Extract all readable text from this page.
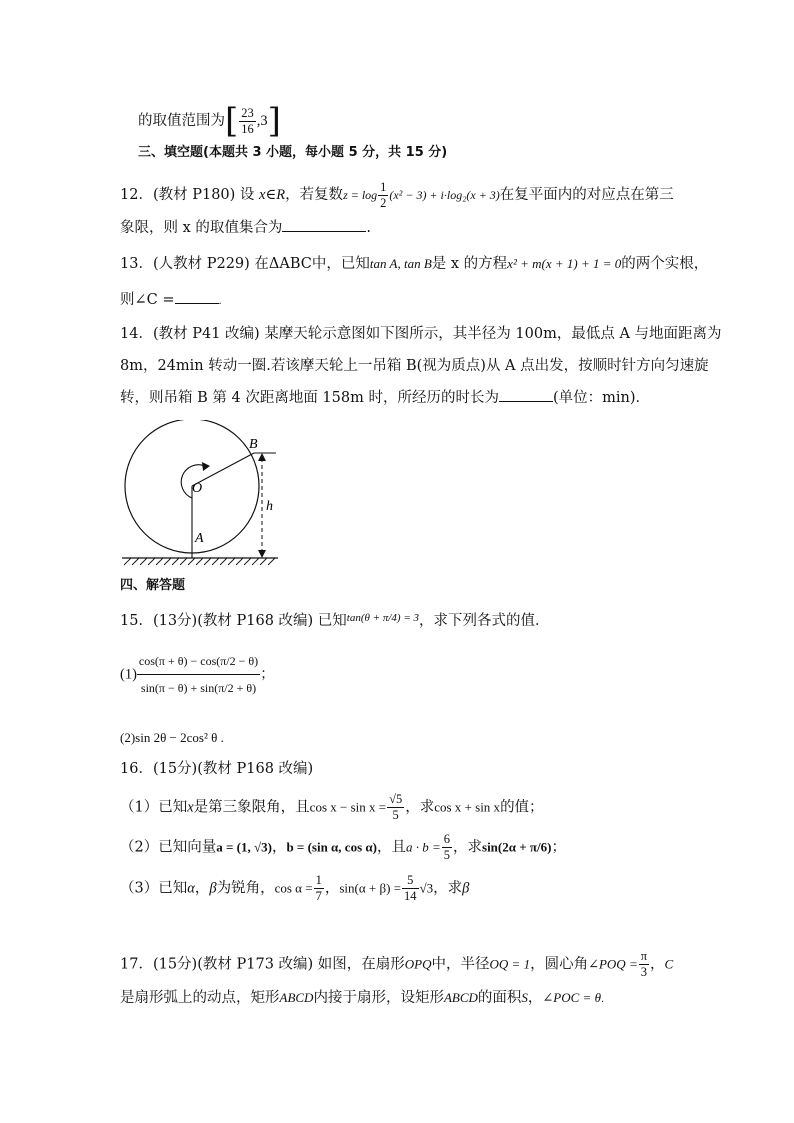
的取值范围为[ $\frac{23}{16} ,3$]
三、填空题(本题共 3 小题，每小题 5 分，共 15 分)
12．(教材 P180) 设 x∈R，若复数$z = \log \frac{1}{2} (x^2 - 3) + i\cdot\log_2(x + 3)$在复平面内的对应点在第三
象限，则 x 的取值集合为	.
13．(人教材 P229) 在ΔABC中，已知tan A, tan B是 x 的方程x² + m(x + 1) + 1 = 0的两个实根，
则∠C =	.
14．(教材 P41 改编) 某摩天轮示意图如下图所示，其半径为 100m，最低点 A 与地面距离为
8m，24min 转动一圈.若该摩天轮上一吊箱 B(视为质点)从 A 点出发，按顺时针方向匀速旋
转，则吊箱 B 第 4 次距离地面 158m 时，所经历的时长为	(单位：min)．
B
O
A
h
四、解答题
15．(13分)(教材 P168 改编) 已知$^{tan(\theta + \pi/4) = 3}$，求下列各式的值．
$(1) \frac{\cos(\pi + \theta) - \cos(\pi/2 - \theta)}{\sin(\pi - \theta) + \sin(\pi/2 + \theta)}$ ；
(2)sin 2θ − 2cos² θ .
16．(15分)(教材 P168 改编)
（1）已知x是第三象限角，且$\cos x - \sin x = \frac{√5}{5}$ ，求cos x + sin x的值；
（2）已知向量a = (1, √3)，b = (sin α, cos α)，且$a \cdot b = \frac{6}{5}$ ，求sin(2α + π/6)；
（3）已知α，β为锐角，$\cos \alpha = \frac{1}{7}$ ，$\sin(\alpha + \beta) = \frac{5}{14} √3$，求β
17．(15分)(教材 P173 改编) 如图，在扇形OPQ中，半径OQ = 1，圆心角∠POQ = $\frac{\pi}{3}$ ，C
是扇形弧上的动点，矩形ABCD内接于扇形，设矩形ABCD的面积S，∠POC = θ.
